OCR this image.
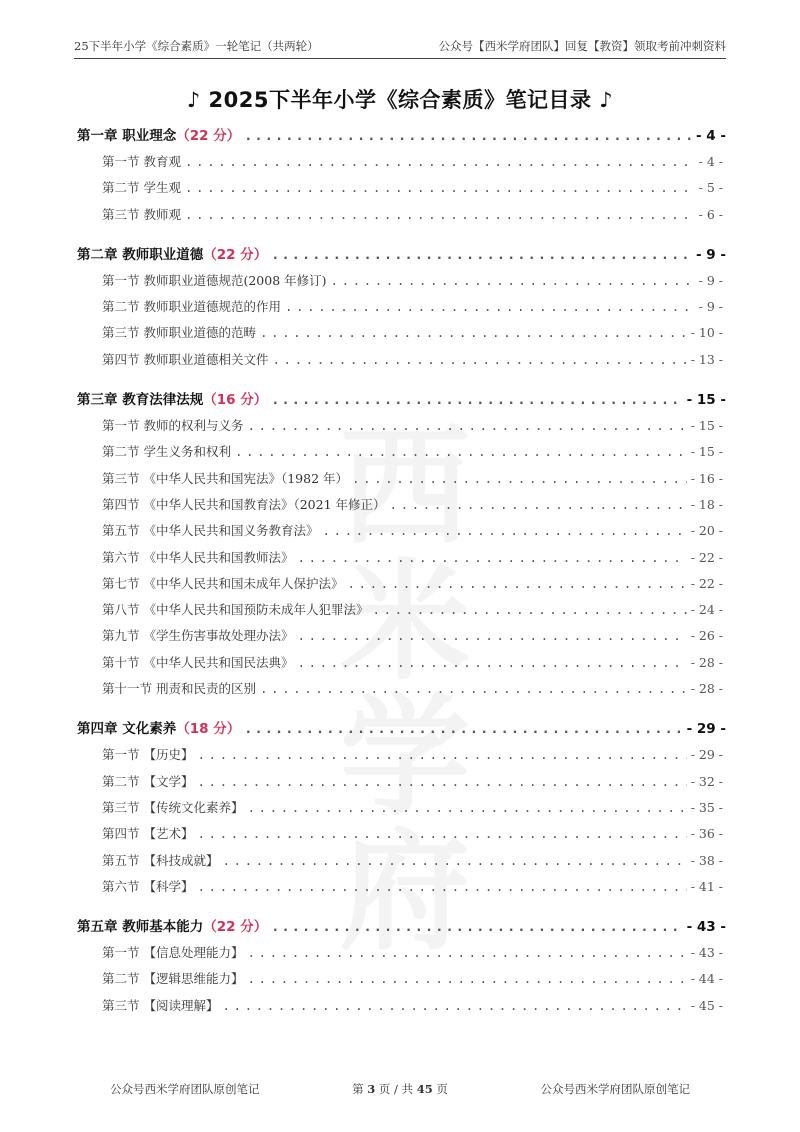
25下半年小学《综合素质》一轮笔记（共两轮）	公众号【西米学府团队】回复【教资】领取考前冲刺资料
♪ 2025下半年小学《综合素质》笔记目录 ♪
第一章 职业理念（22 分） . . .	- 4 -
第一节 教育观 . . .	- 4 -
第二节 学生观 . . .	- 5 -
第三节 教师观 . . .	- 6 -
第二章 教师职业道德（22 分） . . .	- 9 -
第一节 教师职业道德规范(2008 年修订) . . .	- 9 -
第二节 教师职业道德规范的作用 . . .	- 9 -
第三节 教师职业道德的范畴 . . .	- 10 -
第四节 教师职业道德相关文件 . . .	- 13 -
第三章 教育法律法规（16 分） . . .	- 15 -
第一节 教师的权利与义务 . . .	- 15 -
第二节 学生义务和权利 . . .	- 15 -
第三节 《中华人民共和国宪法》（1982 年） . . .	- 16 -
第四节 《中华人民共和国教育法》（2021 年修正） . . .	- 18 -
第五节 《中华人民共和国义务教育法》 . . .	- 20 -
第六节 《中华人民共和国教师法》 . . .	- 22 -
第七节 《中华人民共和国未成年人保护法》 . . .	- 22 -
第八节 《中华人民共和国预防未成年人犯罪法》 . . .	- 24 -
第九节 《学生伤害事故处理办法》 . . .	- 26 -
第十节 《中华人民共和国民法典》 . . .	- 28 -
第十一节 刑责和民责的区别 . . .	- 28 -
第四章 文化素养（18 分） . . .	- 29 -
第一节 【历史】 . . .	- 29 -
第二节 【文学】 . . .	- 32 -
第三节 【传统文化素养】 . . .	- 35 -
第四节 【艺术】 . . .	- 36 -
第五节 【科技成就】 . . .	- 38 -
第六节 【科学】 . . .	- 41 -
第五章 教师基本能力（22 分） . . .	- 43 -
第一节 【信息处理能力】 . . .	- 43 -
第二节 【逻辑思维能力】 . . .	- 44 -
第三节 【阅读理解】 . . .	- 45 -
公众号西米学府团队原创笔记	第 3 页 / 共 45 页	公众号西米学府团队原创笔记
